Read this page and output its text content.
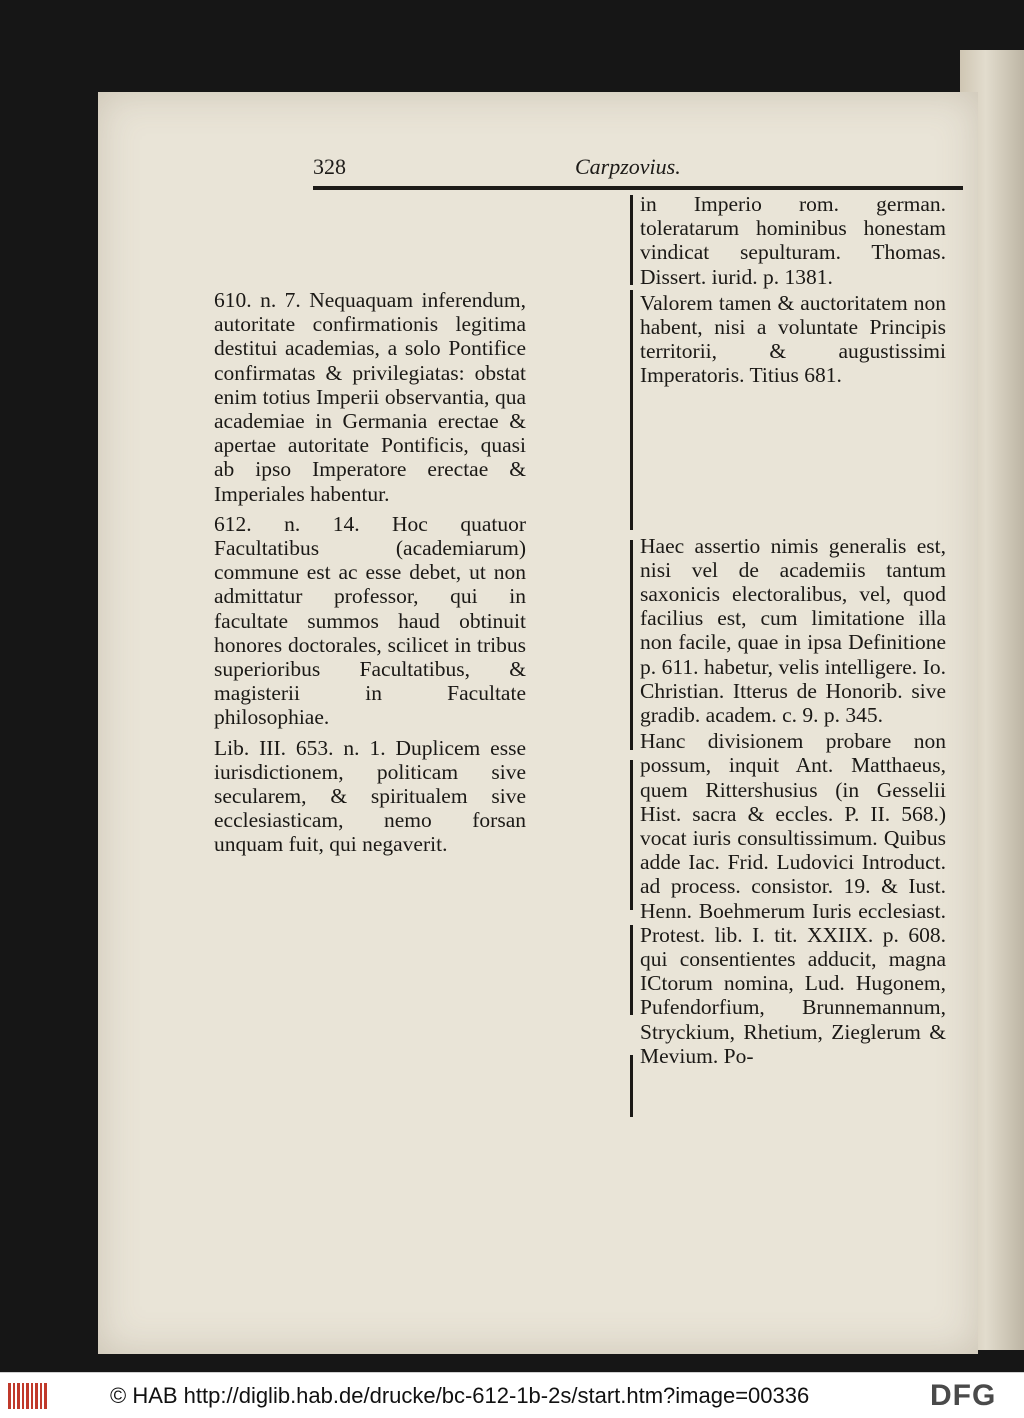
328	Carpzovius.

610. n. 7. Nequaquam inferendum, autoritate confirmationis legitima destitui academias, a solo Pontifice confirmatas & privilegiatas: obstat enim totius Imperii observantia, qua academiae in Germania erectae & apertae autoritate Pontificis, quasi ab ipso Imperatore erectae & Imperiales habentur.

612. n. 14. Hoc quatuor Facultatibus (academiarum) commune est ac esse debet, ut non admittatur professor, qui in facultate summos haud obtinuit honores doctorales, scilicet in tribus superioribus Facultatibus, & magisterii in Facultate philosophiae.

Lib. III. 653. n. 1. Duplicem esse iurisdictionem, politicam sive secularem, & spiritualem sive ecclesiasticam, nemo forsan unquam fuit, qui negaverit.

in Imperio rom. german. toleratarum hominibus honestam vindicat sepulturam. Thomas. Dissert. iurid. p. 1381.

Valorem tamen & auctoritatem non habent, nisi a voluntate Principis territorii, & augustissimi Imperatoris. Titius 681.

Haec assertio nimis generalis est, nisi vel de academiis tantum saxonicis electoralibus, vel, quod facilius est, cum limitatione illa non facile, quae in ipsa Definitione p. 611. habetur, velis intelligere. Io. Christian. Itterus de Honorib. sive gradib. academ. c. 9. p. 345.

Hanc divisionem probare non possum, inquit Ant. Matthaeus, quem Rittershusius (in Gesselii Hist. sacra & eccles. P. II. 568.) vocat iuris consultissimum. Quibus adde Iac. Frid. Ludovici Introduct. ad process. consistor. 19. & Iust. Henn. Boehmerum Iuris ecclesiast. Protest. lib. I. tit. XXIIX. p. 608. qui consentientes adducit, magna ICtorum nomina, Lud. Hugonem, Pufendorfium, Brunnemannum, Stryckium, Rhetium, Zieglerum & Mevium. Po-

© HAB http://diglib.hab.de/drucke/bc-612-1b-2s/start.htm?image=00336	DFG
